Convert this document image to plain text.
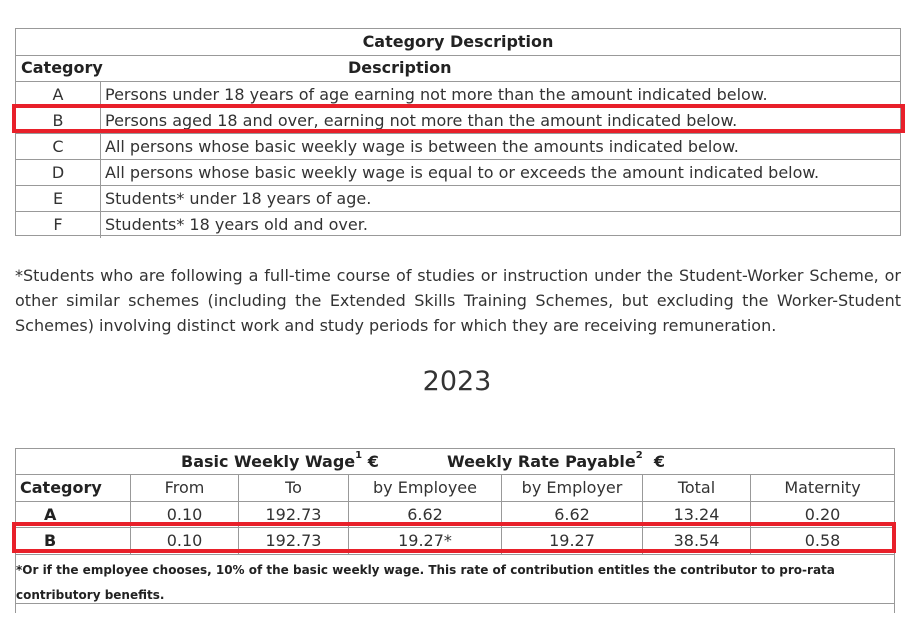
Category Description
Category	Description
A	Persons under 18 years of age earning not more than the amount indicated below.
B	Persons aged 18 and over, earning not more than the amount indicated below.
C	All persons whose basic weekly wage is between the amounts indicated below.
D	All persons whose basic weekly wage is equal to or exceeds the amount indicated below.
E	Students* under 18 years of age.
F	Students* 18 years old and over.
*Students who are following a full-time course of studies or instruction under the Student-Worker Scheme, or other similar schemes (including the Extended Skills Training Schemes, but excluding the Worker-Student Schemes) involving distinct work and study periods for which they are receiving remuneration.
2023
Basic Weekly Wage$^1$ €	Weekly Rate Payable$^2$ €
Category	From	To	by Employee	by Employer	Total	Maternity
A	0.10	192.73	6.62	6.62	13.24	0.20
B	0.10	192.73	19.27*	19.27	38.54	0.58
*Or if the employee chooses, 10% of the basic weekly wage. This rate of contribution entitles the contributor to pro-rata contributory benefits.
